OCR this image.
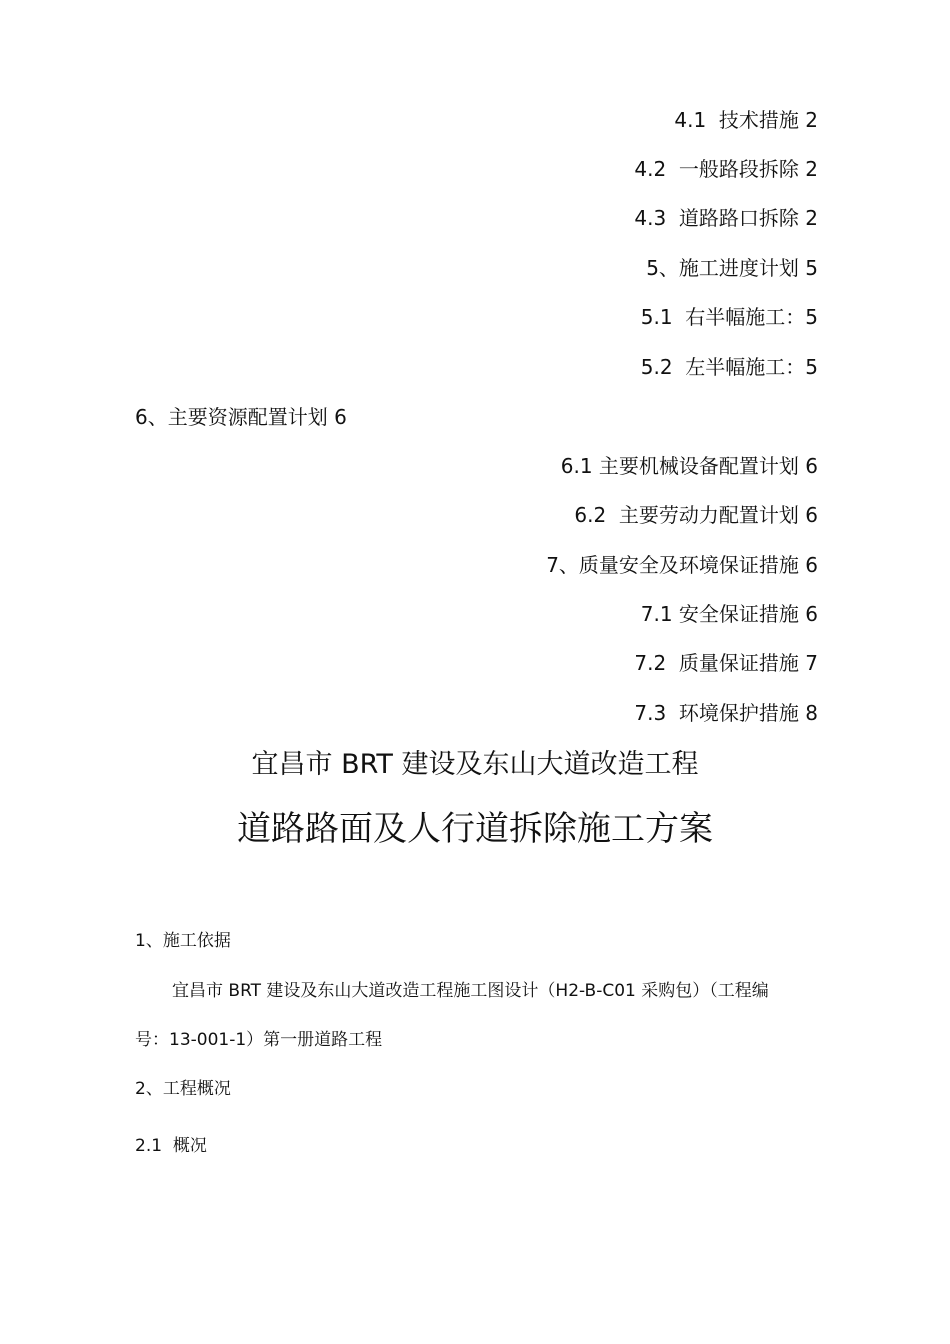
4.1  技术措施 2
4.2  一般路段拆除 2
4.3  道路路口拆除 2
5、施工进度计划 5
5.1  右半幅施工：5
5.2  左半幅施工：5
6、主要资源配置计划 6
6.1 主要机械设备配置计划 6
6.2  主要劳动力配置计划 6
7、质量安全及环境保证措施 6
7.1 安全保证措施 6
7.2  质量保证措施 7
7.3  环境保护措施 8
宜昌市 BRT 建设及东山大道改造工程
道路路面及人行道拆除施工方案
1、施工依据
宜昌市 BRT 建设及东山大道改造工程施工图设计（H2-B-C01 采购包）（工程编
号：13-001-1）第一册道路工程
2、工程概况
2.1  概况
